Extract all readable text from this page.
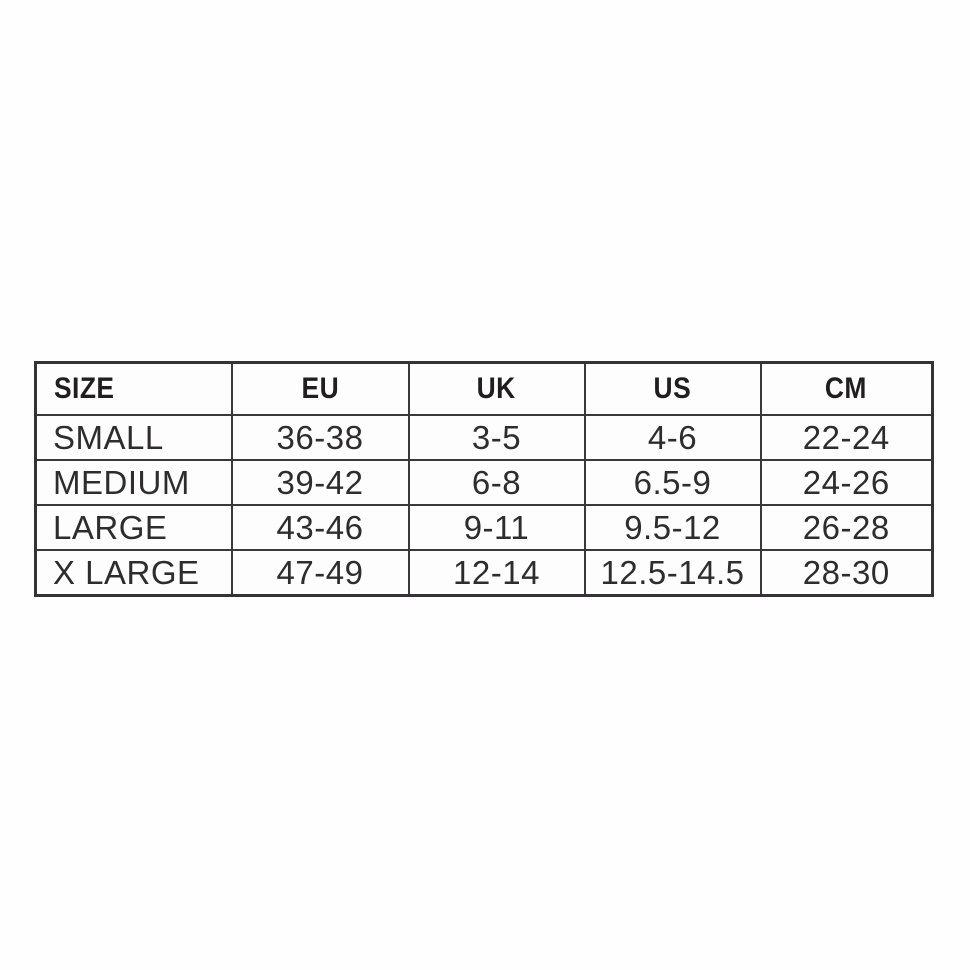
SIZE	EU	UK	US	CM
SMALL	36-38	3-5	4-6	22-24
MEDIUM	39-42	6-8	6.5-9	24-26
LARGE	43-46	9-11	9.5-12	26-28
X LARGE	47-49	12-14	12.5-14.5	28-30
